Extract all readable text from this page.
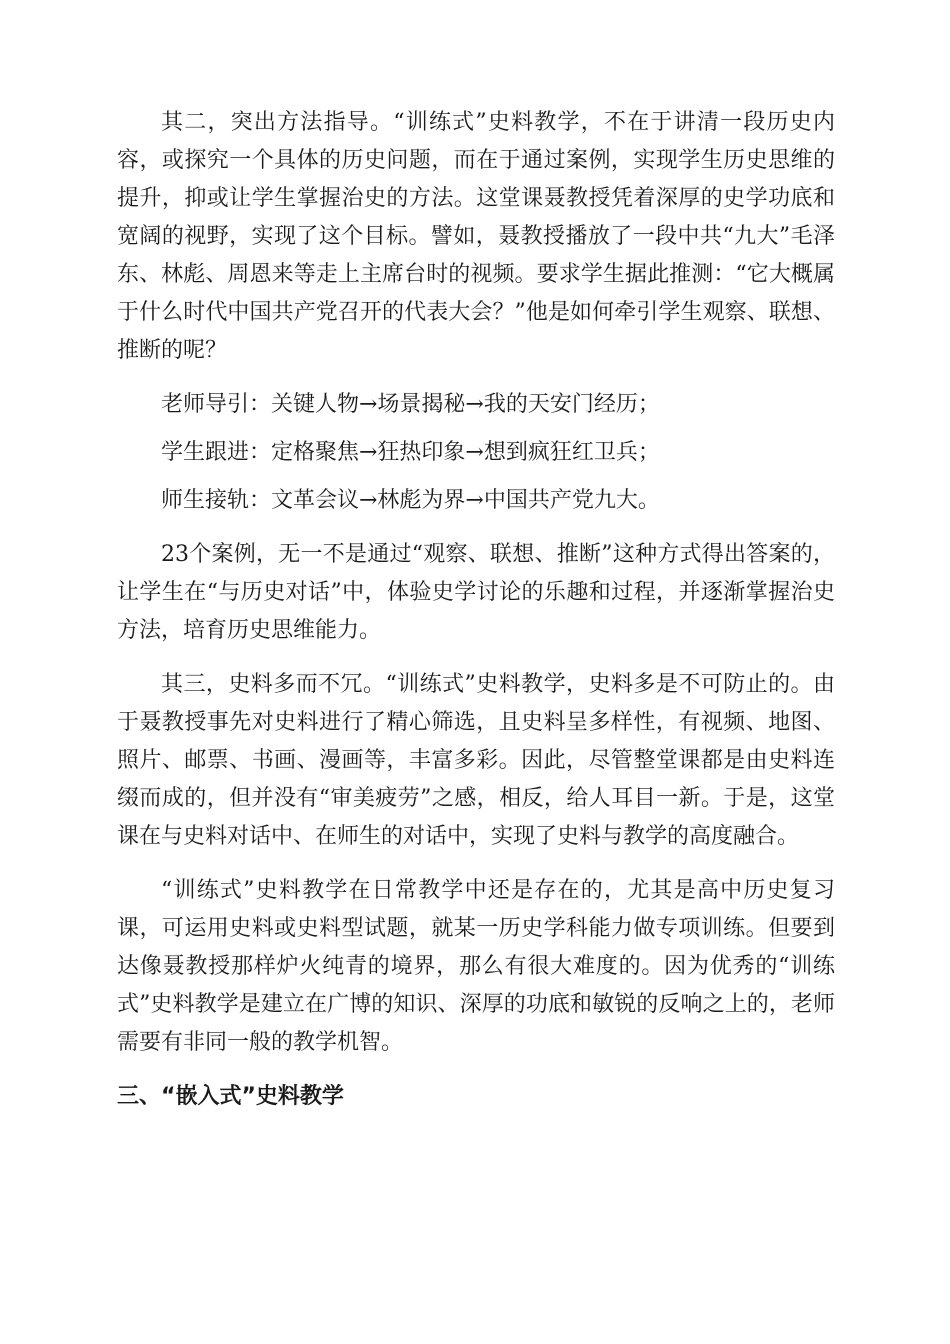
其二，突出方法指导。“训练式”史料教学，不在于讲清一段历史内容，或探究一个具体的历史问题，而在于通过案例，实现学生历史思维的提升，抑或让学生掌握治史的方法。这堂课聂教授凭着深厚的史学功底和宽阔的视野，实现了这个目标。譬如，聂教授播放了一段中共“九大”毛泽东、林彪、周恩来等走上主席台时的视频。要求学生据此推测：“它大概属于什么时代中国共产党召开的代表大会？”他是如何牵引学生观察、联想、推断的呢？

老师导引：关键人物→场景揭秘→我的天安门经历；

学生跟进：定格聚焦→狂热印象→想到疯狂红卫兵；

师生接轨：文革会议→林彪为界→中国共产党九大。

23个案例，无一不是通过“观察、联想、推断”这种方式得出答案的，让学生在“与历史对话”中，体验史学讨论的乐趣和过程，并逐渐掌握治史方法，培育历史思维能力。

其三，史料多而不冗。“训练式”史料教学，史料多是不可防止的。由于聂教授事先对史料进行了精心筛选，且史料呈多样性，有视频、地图、照片、邮票、书画、漫画等，丰富多彩。因此，尽管整堂课都是由史料连缀而成的，但并没有“审美疲劳”之感，相反，给人耳目一新。于是，这堂课在与史料对话中、在师生的对话中，实现了史料与教学的高度融合。

“训练式”史料教学在日常教学中还是存在的，尤其是高中历史复习课，可运用史料或史料型试题，就某一历史学科能力做专项训练。但要到达像聂教授那样炉火纯青的境界，那么有很大难度的。因为优秀的“训练式”史料教学是建立在广博的知识、深厚的功底和敏锐的反响之上的，老师需要有非同一般的教学机智。

三、“嵌入式”史料教学
